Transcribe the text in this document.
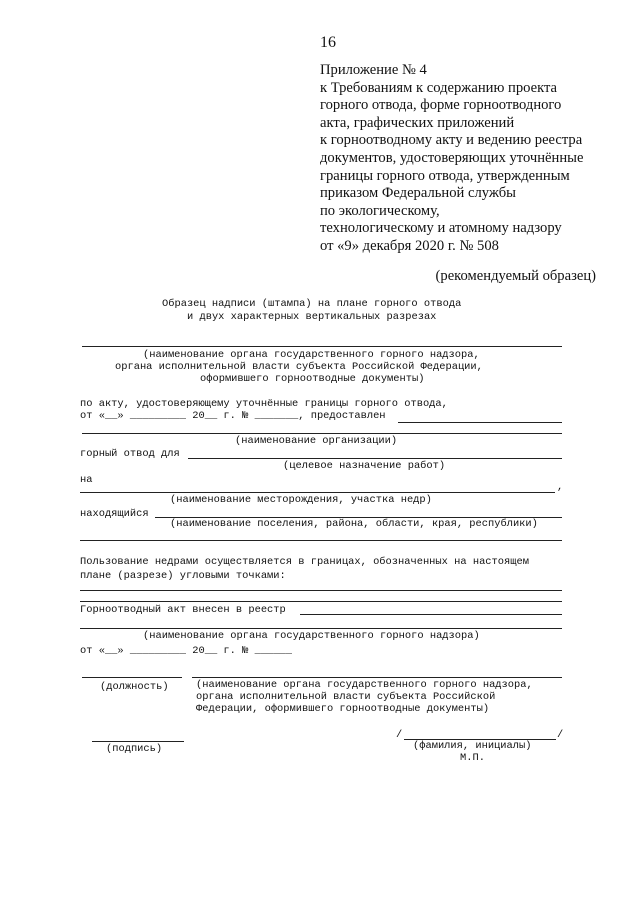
16
Приложение № 4
к Требованиям к содержанию проекта
горного отвода, форме горноотводного
акта, графических приложений
к горноотводному акту и ведению реестра
документов, удостоверяющих уточнённые
границы горного отвода, утвержденным
приказом Федеральной службы
по экологическому,
технологическому и атомному надзору
от «9» декабря 2020 г. № 508
(рекомендуемый образец)
Образец надписи (штампа) на плане горного отвода
и двух характерных вертикальных разрезах
(наименование органа государственного горного надзора,
органа исполнительной власти субъекта Российской Федерации,
оформившего горноотводные документы)
по акту, удостоверяющему уточнённые границы горного отвода,
от «__» _________ 20__ г. № _______, предоставлен
(наименование организации)
горный отвод для
(целевое назначение работ)
на
,
(наименование месторождения, участка недр)
находящийся
(наименование поселения, района, области, края, республики)
Пользование недрами осуществляется в границах, обозначенных на настоящем
плане (разрезе) угловыми точками:
Горноотводный акт внесен в реестр
(наименование органа государственного горного надзора)
от «__» _________ 20__ г. № ______
(должность)	(наименование органа государственного горного надзора,
органа исполнительной власти субъекта Российской
Федерации, оформившего горноотводные документы)
/	/
(подпись)	(фамилия, инициалы)
М.П.
